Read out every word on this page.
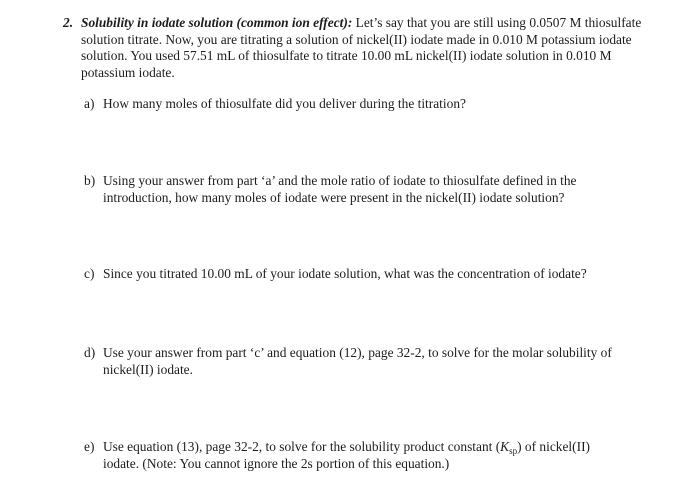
2. Solubility in iodate solution (common ion effect): Let’s say that you are still using 0.0507 M thiosulfate solution titrate. Now, you are titrating a solution of nickel(II) iodate made in 0.010 M potassium iodate solution. You used 57.51 mL of thiosulfate to titrate 10.00 mL nickel(II) iodate solution in 0.010 M potassium iodate.
a) How many moles of thiosulfate did you deliver during the titration?
b) Using your answer from part ‘a’ and the mole ratio of iodate to thiosulfate defined in the introduction, how many moles of iodate were present in the nickel(II) iodate solution?
c) Since you titrated 10.00 mL of your iodate solution, what was the concentration of iodate?
d) Use your answer from part ‘c’ and equation (12), page 32-2, to solve for the molar solubility of nickel(II) iodate.
e) Use equation (13), page 32-2, to solve for the solubility product constant $(K_{sp})$ of nickel(II) iodate. (Note: You cannot ignore the 2s portion of this equation.)
